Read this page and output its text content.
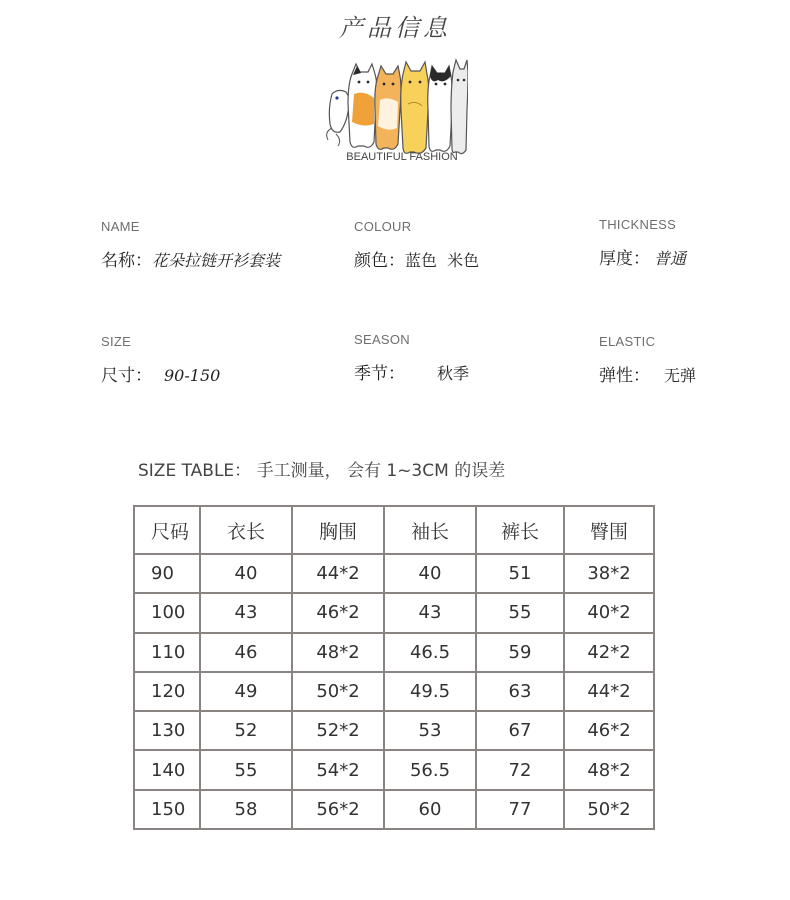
产品信息
BEAUTIFUL FASHION
NAME
名称：花朵拉链开衫套装
COLOUR
颜色：蓝色  米色
THICKNESS
厚度： 普通
SIZE
尺寸： 90-150
SEASON
季节： 秋季
ELASTIC
弹性： 无弹
SIZE TABLE： 手工测量， 会有 1~3CM 的误差
尺码	衣长	胸围	袖长	裤长	臀围
90	40	44*2	40	51	38*2
100	43	46*2	43	55	40*2
110	46	48*2	46.5	59	42*2
120	49	50*2	49.5	63	44*2
130	52	52*2	53	67	46*2
140	55	54*2	56.5	72	48*2
150	58	56*2	60	77	50*2
